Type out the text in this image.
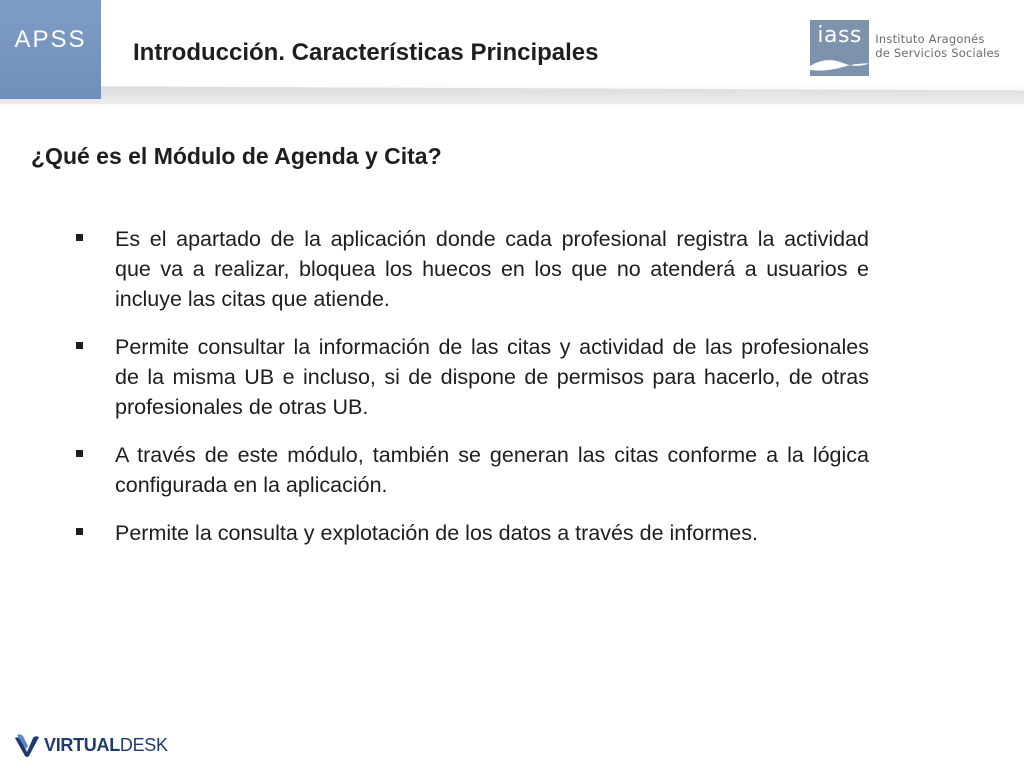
APSS Introducción. Características Principales
iass Instituto Aragonés
de Servicios Sociales
¿Qué es el Módulo de Agenda y Cita?
Es el apartado de la aplicación donde cada profesional registra la actividad que va a realizar, bloquea los huecos en los que no atenderá a usuarios e incluye las citas que atiende.
Permite consultar la información de las citas y actividad de las profesionales de la misma UB e incluso, si de dispone de permisos para hacerlo, de otras profesionales de otras UB.
A través de este módulo, también se generan las citas conforme a la lógica configurada en la aplicación.
Permite la consulta y explotación de los datos a través de informes.
VIRTUALDESK
